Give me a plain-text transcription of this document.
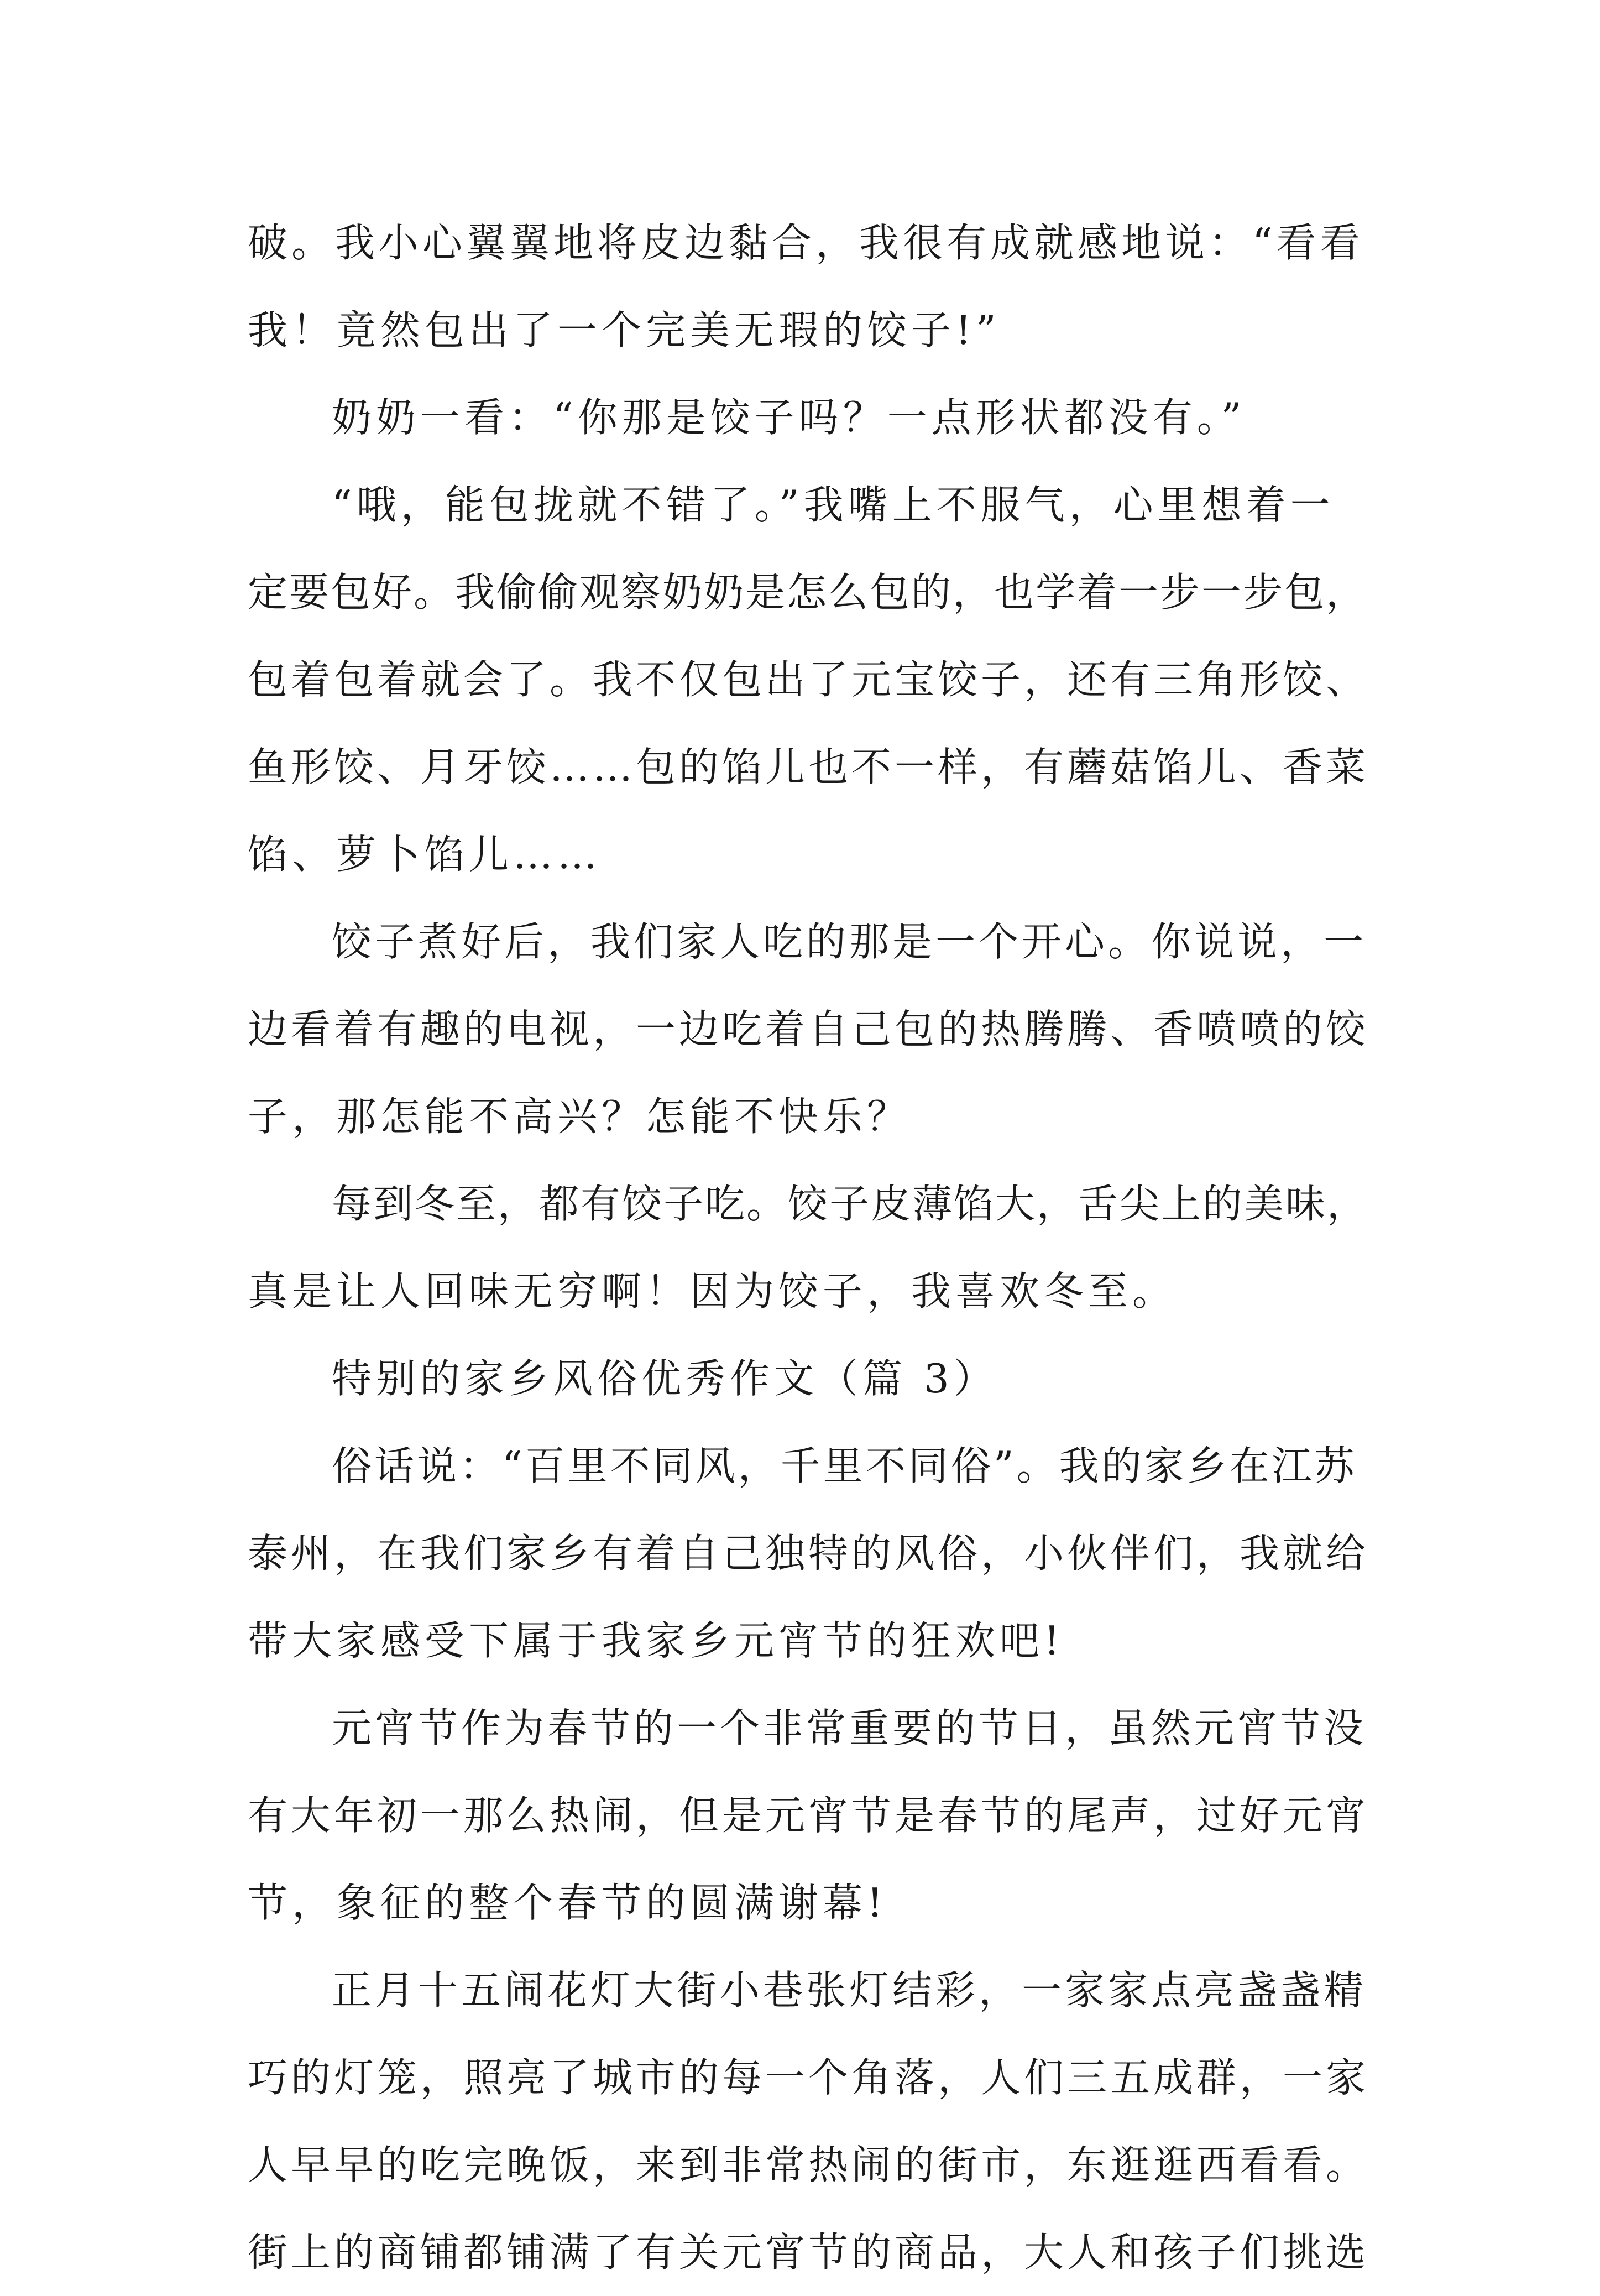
破。我小心翼翼地将皮边黏合，我很有成就感地说：“看看
我！竟然包出了一个完美无瑕的饺子!”
奶奶一看：“你那是饺子吗？一点形状都没有。”
“哦，能包拢就不错了。”我嘴上不服气，心里想着一
定要包好。我偷偷观察奶奶是怎么包的，也学着一步一步包，
包着包着就会了。我不仅包出了元宝饺子，还有三角形饺、
鱼形饺、月牙饺……包的馅儿也不一样，有蘑菇馅儿、香菜
馅、萝卜馅儿……
饺子煮好后，我们家人吃的那是一个开心。你说说，一
边看着有趣的电视，一边吃着自己包的热腾腾、香喷喷的饺
子，那怎能不高兴？怎能不快乐？
每到冬至，都有饺子吃。饺子皮薄馅大，舌尖上的美味，
真是让人回味无穷啊！因为饺子，我喜欢冬至。
特别的家乡风俗优秀作文（篇 3）
俗话说：“百里不同风，千里不同俗”。我的家乡在江苏
泰州，在我们家乡有着自己独特的风俗，小伙伴们，我就给
带大家感受下属于我家乡元宵节的狂欢吧!
元宵节作为春节的一个非常重要的节日，虽然元宵节没
有大年初一那么热闹，但是元宵节是春节的尾声，过好元宵
节，象征的整个春节的圆满谢幕!
正月十五闹花灯大街小巷张灯结彩，一家家点亮盏盏精
巧的灯笼，照亮了城市的每一个角落，人们三五成群，一家
人早早的吃完晚饭，来到非常热闹的街市，东逛逛西看看。
街上的商铺都铺满了有关元宵节的商品，大人和孩子们挑选
